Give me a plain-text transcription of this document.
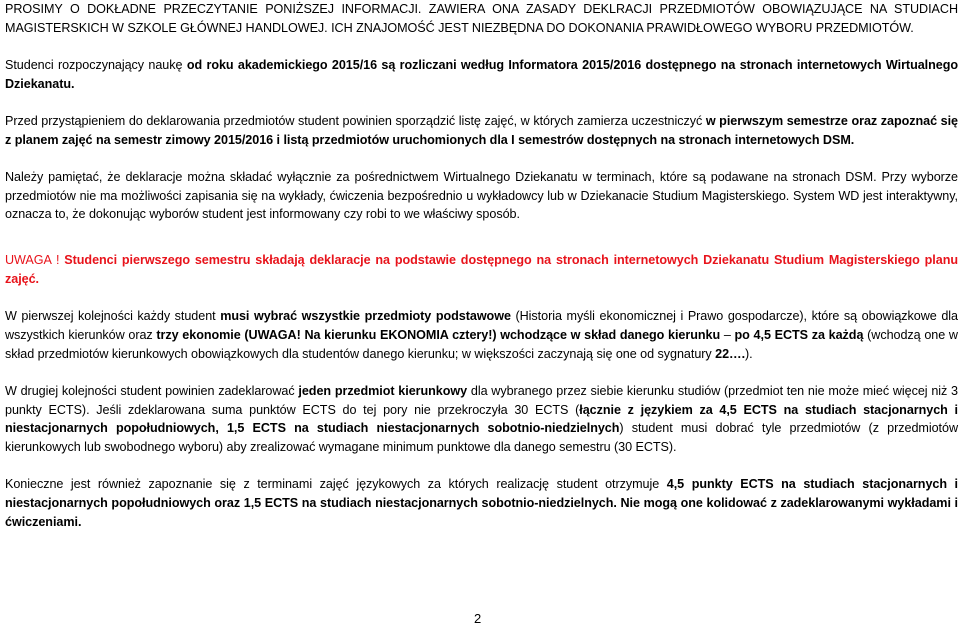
PROSIMY O DOKŁADNE PRZECZYTANIE PONIŻSZEJ INFORMACJI. ZAWIERA ONA ZASADY DEKLRACJI PRZEDMIOTÓW OBOWIĄZUJĄCE NA STUDIACH MAGISTERSKICH W SZKOLE GŁÓWNEJ HANDLOWEJ. ICH ZNAJOMOŚĆ JEST NIEZBĘDNA DO DOKONANIA PRAWIDŁOWEGO WYBORU PRZEDMIOTÓW.

Studenci rozpoczynający naukę od roku akademickiego 2015/16 są rozliczani według Informatora 2015/2016 dostępnego na stronach internetowych Wirtualnego Dziekanatu.

Przed przystąpieniem do deklarowania przedmiotów student powinien sporządzić listę zajęć, w których zamierza uczestniczyć w pierwszym semestrze oraz zapoznać się z planem zajęć na semestr zimowy 2015/2016 i listą przedmiotów uruchomionych dla I semestrów dostępnych na stronach internetowych DSM.

Należy pamiętać, że deklaracje można składać wyłącznie za pośrednictwem Wirtualnego Dziekanatu w terminach, które są podawane na stronach DSM. Przy wyborze przedmiotów nie ma możliwości zapisania się na wykłady, ćwiczenia bezpośrednio u wykładowcy lub w Dziekanacie Studium Magisterskiego. System WD jest interaktywny, oznacza to, że dokonując wyborów student jest informowany czy robi to we właściwy sposób.

UWAGA ! Studenci pierwszego semestru składają deklaracje na podstawie dostępnego na stronach internetowych Dziekanatu Studium Magisterskiego planu zajęć.

W pierwszej kolejności każdy student musi wybrać wszystkie przedmioty podstawowe (Historia myśli ekonomicznej i Prawo gospodarcze), które są obowiązkowe dla wszystkich kierunków oraz trzy ekonomie (UWAGA! Na kierunku EKONOMIA cztery!) wchodzące w skład danego kierunku – po 4,5 ECTS za każdą (wchodzą one w skład przedmiotów kierunkowych obowiązkowych dla studentów danego kierunku; w większości zaczynają się one od sygnatury 22….).

W drugiej kolejności student powinien zadeklarować jeden przedmiot kierunkowy dla wybranego przez siebie kierunku studiów (przedmiot ten nie może mieć więcej niż 3 punkty ECTS). Jeśli zdeklarowana suma punktów ECTS do tej pory nie przekroczyła 30 ECTS (łącznie z językiem za 4,5 ECTS na studiach stacjonarnych i niestacjonarnych popołudniowych, 1,5 ECTS na studiach niestacjonarnych sobotnio-niedzielnych) student musi dobrać tyle przedmiotów (z przedmiotów kierunkowych lub swobodnego wyboru) aby zrealizować wymagane minimum punktowe dla danego semestru (30 ECTS).

Konieczne jest również zapoznanie się z terminami zajęć językowych za których realizację student otrzymuje 4,5 punkty ECTS na studiach stacjonarnych i niestacjonarnych popołudniowych oraz 1,5 ECTS na studiach niestacjonarnych sobotnio-niedzielnych. Nie mogą one kolidować z zadeklarowanymi wykładami i ćwiczeniami.

2
